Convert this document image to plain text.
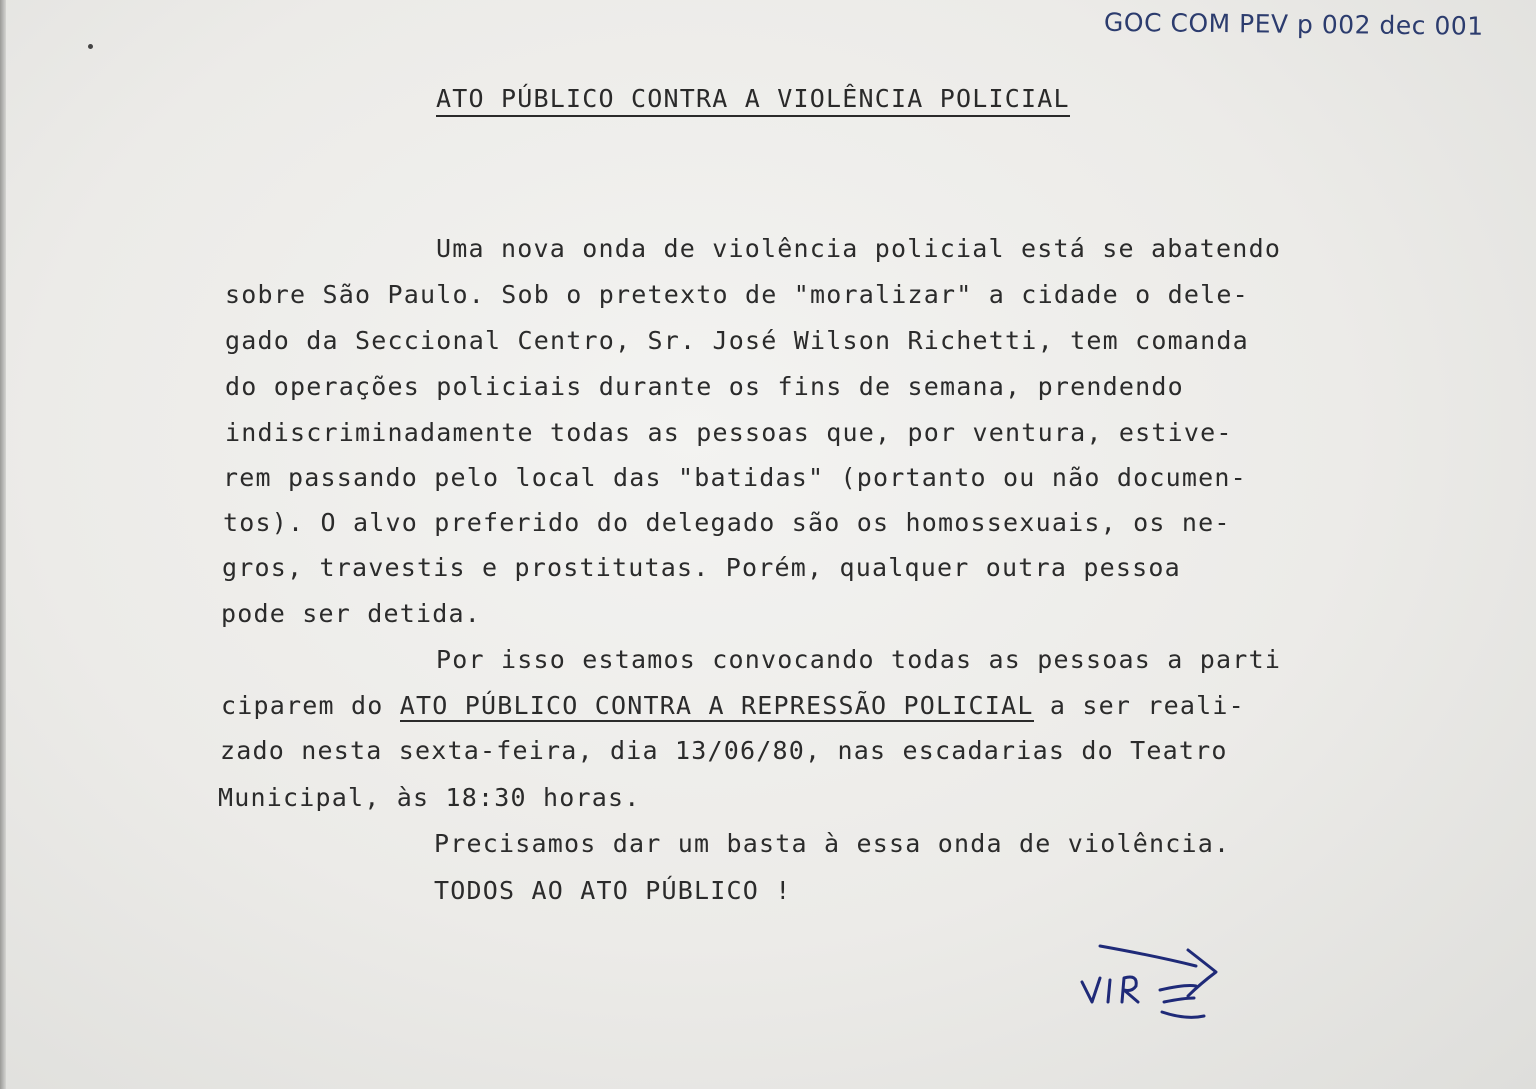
GOC COM PEV p 002 dec 001
ATO PÚBLICO CONTRA A VIOLÊNCIA POLICIAL
Uma nova onda de violência policial está se abatendo
sobre São Paulo. Sob o pretexto de "moralizar" a cidade o dele-
gado da Seccional Centro, Sr. José Wilson Richetti, tem comanda
do operações policiais durante os fins de semana, prendendo
indiscriminadamente todas as pessoas que, por ventura, estive-
rem passando pelo local das "batidas" (portanto ou não documen-
tos). O alvo preferido do delegado são os homossexuais, os ne-
gros, travestis e prostitutas. Porém, qualquer outra pessoa
pode ser detida.
Por isso estamos convocando todas as pessoas a parti
ciparem do ATO PÚBLICO CONTRA A REPRESSÃO POLICIAL a ser reali-
zado nesta sexta-feira, dia 13/06/80, nas escadarias do Teatro
Municipal, às 18:30 horas.
Precisamos dar um basta à essa onda de violência.
TODOS AO ATO PÚBLICO !
